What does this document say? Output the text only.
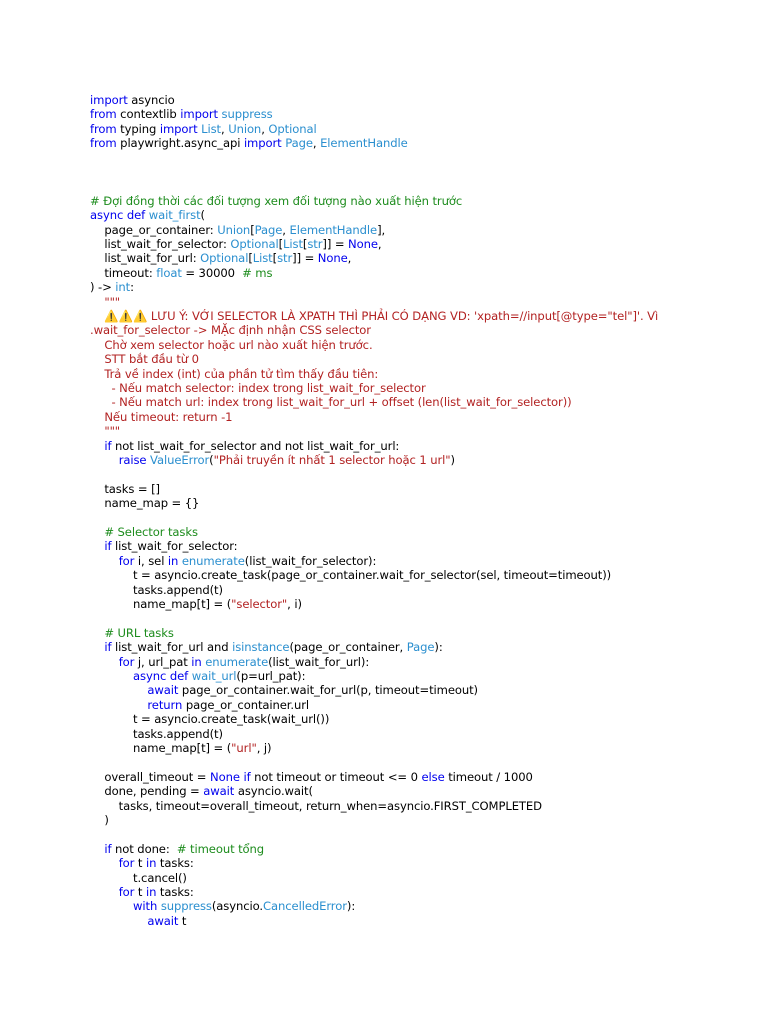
import asyncio
from contextlib import suppress
from typing import List, Union, Optional
from playwright.async_api import Page, ElementHandle
# Đợi đồng thời các đối tượng xem đối tượng nào xuất hiện trước
async def wait_first(
page_or_container: Union[Page, ElementHandle],
list_wait_for_selector: Optional[List[str]] = None,
list_wait_for_url: Optional[List[str]] = None,
timeout: float = 30000  # ms
) -> int:
"""
⚠️⚠️⚠️ LƯU Ý: VỚI SELECTOR LÀ XPATH THÌ PHẢI CÓ DẠNG VD: 'xpath=//input[@type="tel"]'. Vì
.wait_for_selector -> MẶc định nhận CSS selector
Chờ xem selector hoặc url nào xuất hiện trước.
STT bắt đầu từ 0
Trả về index (int) của phần tử tìm thấy đầu tiên:
- Nếu match selector: index trong list_wait_for_selector
- Nếu match url: index trong list_wait_for_url + offset (len(list_wait_for_selector))
Nếu timeout: return -1
"""
if not list_wait_for_selector and not list_wait_for_url:
raise ValueError("Phải truyền ít nhất 1 selector hoặc 1 url")
tasks = []
name_map = {}
# Selector tasks
if list_wait_for_selector:
for i, sel in enumerate(list_wait_for_selector):
t = asyncio.create_task(page_or_container.wait_for_selector(sel, timeout=timeout))
tasks.append(t)
name_map[t] = ("selector", i)
# URL tasks
if list_wait_for_url and isinstance(page_or_container, Page):
for j, url_pat in enumerate(list_wait_for_url):
async def wait_url(p=url_pat):
await page_or_container.wait_for_url(p, timeout=timeout)
return page_or_container.url
t = asyncio.create_task(wait_url())
tasks.append(t)
name_map[t] = ("url", j)
overall_timeout = None if not timeout or timeout <= 0 else timeout / 1000
done, pending = await asyncio.wait(
tasks, timeout=overall_timeout, return_when=asyncio.FIRST_COMPLETED
)
if not done:  # timeout tổng
for t in tasks:
t.cancel()
for t in tasks:
with suppress(asyncio.CancelledError):
await t
